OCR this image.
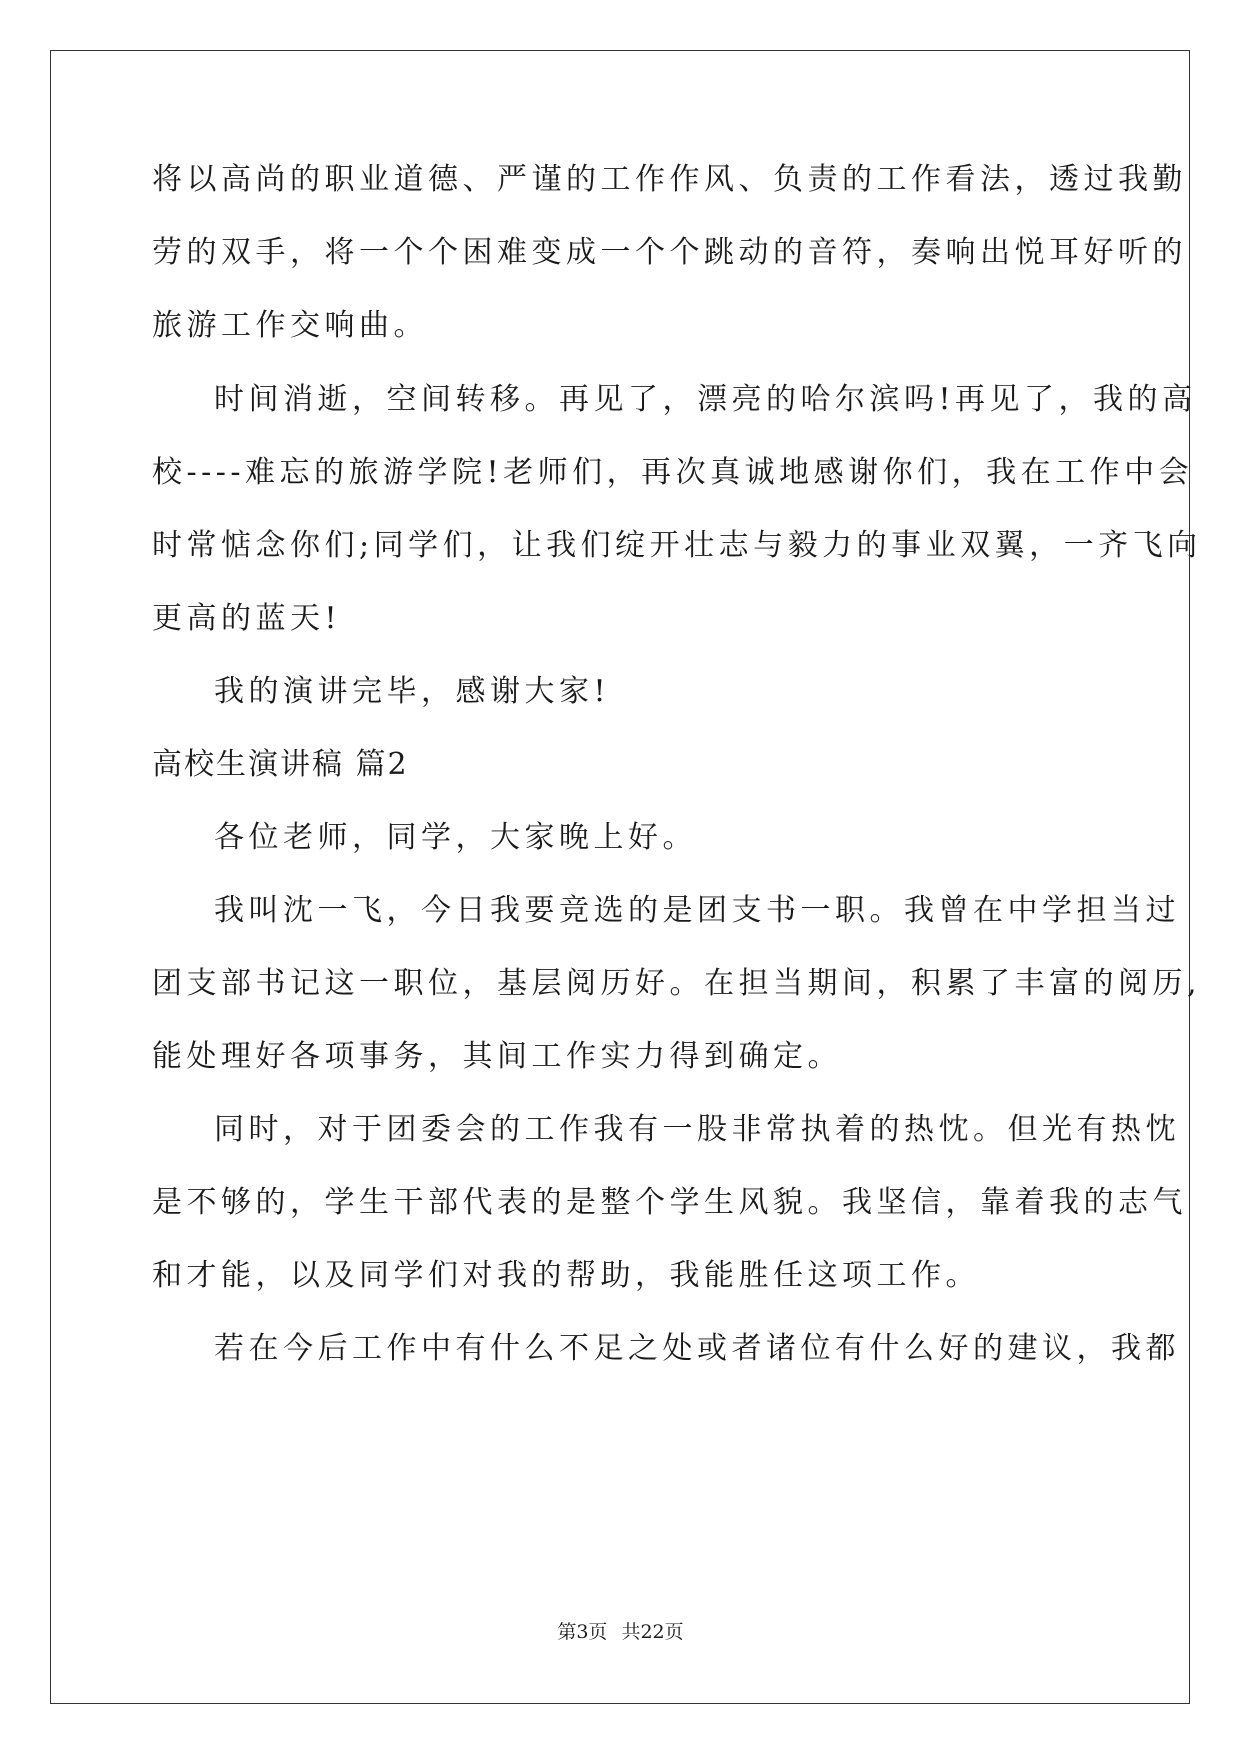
将以高尚的职业道德、严谨的工作作风、负责的工作看法，透过我勤
劳的双手，将一个个困难变成一个个跳动的音符，奏响出悦耳好听的
旅游工作交响曲。
时间消逝，空间转移。再见了，漂亮的哈尔滨吗!再见了，我的高
校----难忘的旅游学院!老师们，再次真诚地感谢你们，我在工作中会
时常惦念你们;同学们，让我们绽开壮志与毅力的事业双翼，一齐飞向
更高的蓝天!
我的演讲完毕，感谢大家!
高校生演讲稿 篇2
各位老师，同学，大家晚上好。
我叫沈一飞，今日我要竞选的是团支书一职。我曾在中学担当过
团支部书记这一职位，基层阅历好。在担当期间，积累了丰富的阅历,
能处理好各项事务，其间工作实力得到确定。
同时，对于团委会的工作我有一股非常执着的热忱。但光有热忱
是不够的，学生干部代表的是整个学生风貌。我坚信，靠着我的志气
和才能，以及同学们对我的帮助，我能胜任这项工作。
若在今后工作中有什么不足之处或者诸位有什么好的建议，我都
第3页 共22页
